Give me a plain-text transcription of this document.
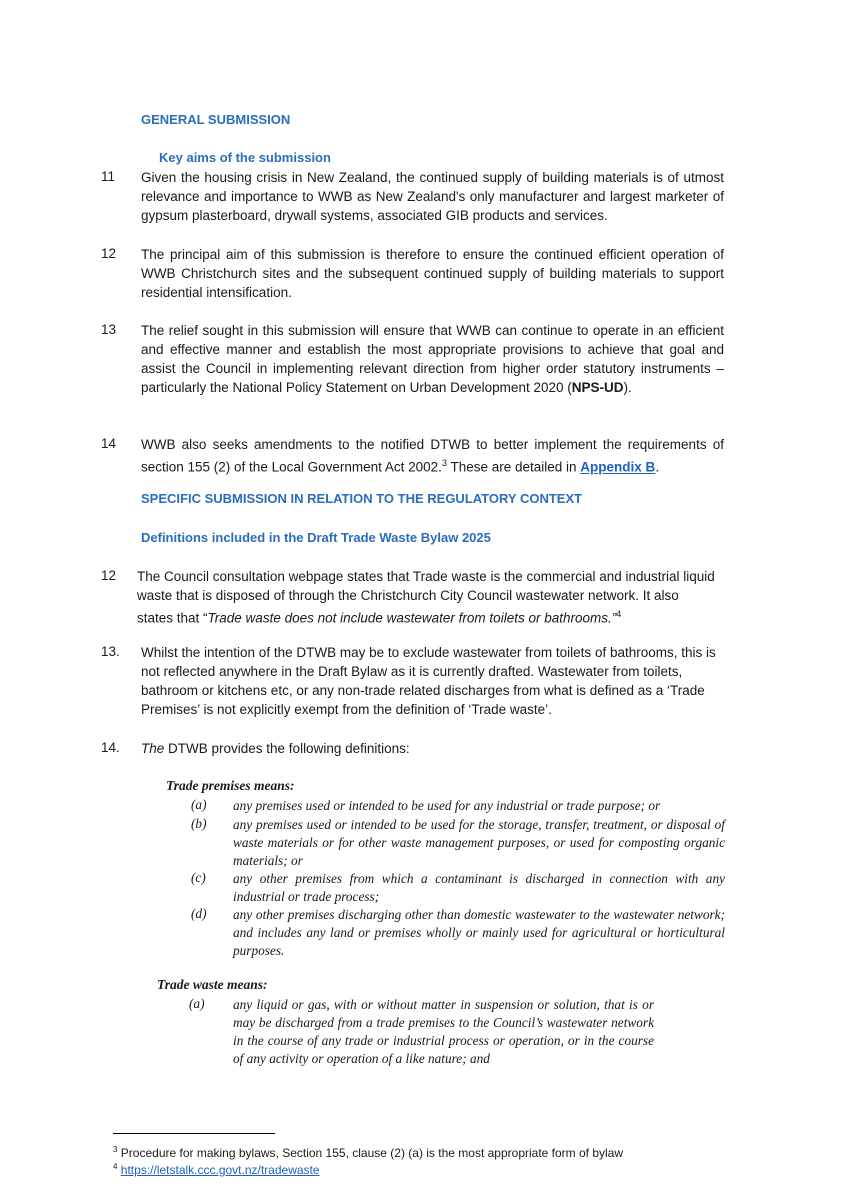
GENERAL SUBMISSION
Key aims of the submission
11 Given the housing crisis in New Zealand, the continued supply of building materials is of utmost relevance and importance to WWB as New Zealand's only manufacturer and largest marketer of gypsum plasterboard, drywall systems, associated GIB products and services.
12 The principal aim of this submission is therefore to ensure the continued efficient operation of WWB Christchurch sites and the subsequent continued supply of building materials to support residential intensification.
13 The relief sought in this submission will ensure that WWB can continue to operate in an efficient and effective manner and establish the most appropriate provisions to achieve that goal and assist the Council in implementing relevant direction from higher order statutory instruments – particularly the National Policy Statement on Urban Development 2020 (NPS-UD).
14 WWB also seeks amendments to the notified DTWB to better implement the requirements of section 155 (2) of the Local Government Act 2002.$^3$ These are detailed in Appendix B.
SPECIFIC SUBMISSION IN RELATION TO THE REGULATORY CONTEXT
Definitions included in the Draft Trade Waste Bylaw 2025
12 The Council consultation webpage states that Trade waste is the commercial and industrial liquid waste that is disposed of through the Christchurch City Council wastewater network. It also states that “Trade waste does not include wastewater from toilets or bathrooms.”$^4$
13. Whilst the intention of the DTWB may be to exclude wastewater from toilets of bathrooms, this is not reflected anywhere in the Draft Bylaw as it is currently drafted. Wastewater from toilets, bathroom or kitchens etc, or any non-trade related discharges from what is defined as a ‘Trade Premises’ is not explicitly exempt from the definition of ‘Trade waste’.
14. The DTWB provides the following definitions:
Trade premises means:
(a) any premises used or intended to be used for any industrial or trade purpose; or
(b) any premises used or intended to be used for the storage, transfer, treatment, or disposal of waste materials or for other waste management purposes, or used for composting organic materials; or
(c) any other premises from which a contaminant is discharged in connection with any industrial or trade process;
(d) any other premises discharging other than domestic wastewater to the wastewater network; and includes any land or premises wholly or mainly used for agricultural or horticultural purposes.
Trade waste means:
(a) any liquid or gas, with or without matter in suspension or solution, that is or may be discharged from a trade premises to the Council’s wastewater network in the course of any trade or industrial process or operation, or in the course of any activity or operation of a like nature; and
$^3$ Procedure for making bylaws, Section 155, clause (2) (a) is the most appropriate form of bylaw
$^4$ https://letstalk.ccc.govt.nz/tradewaste
